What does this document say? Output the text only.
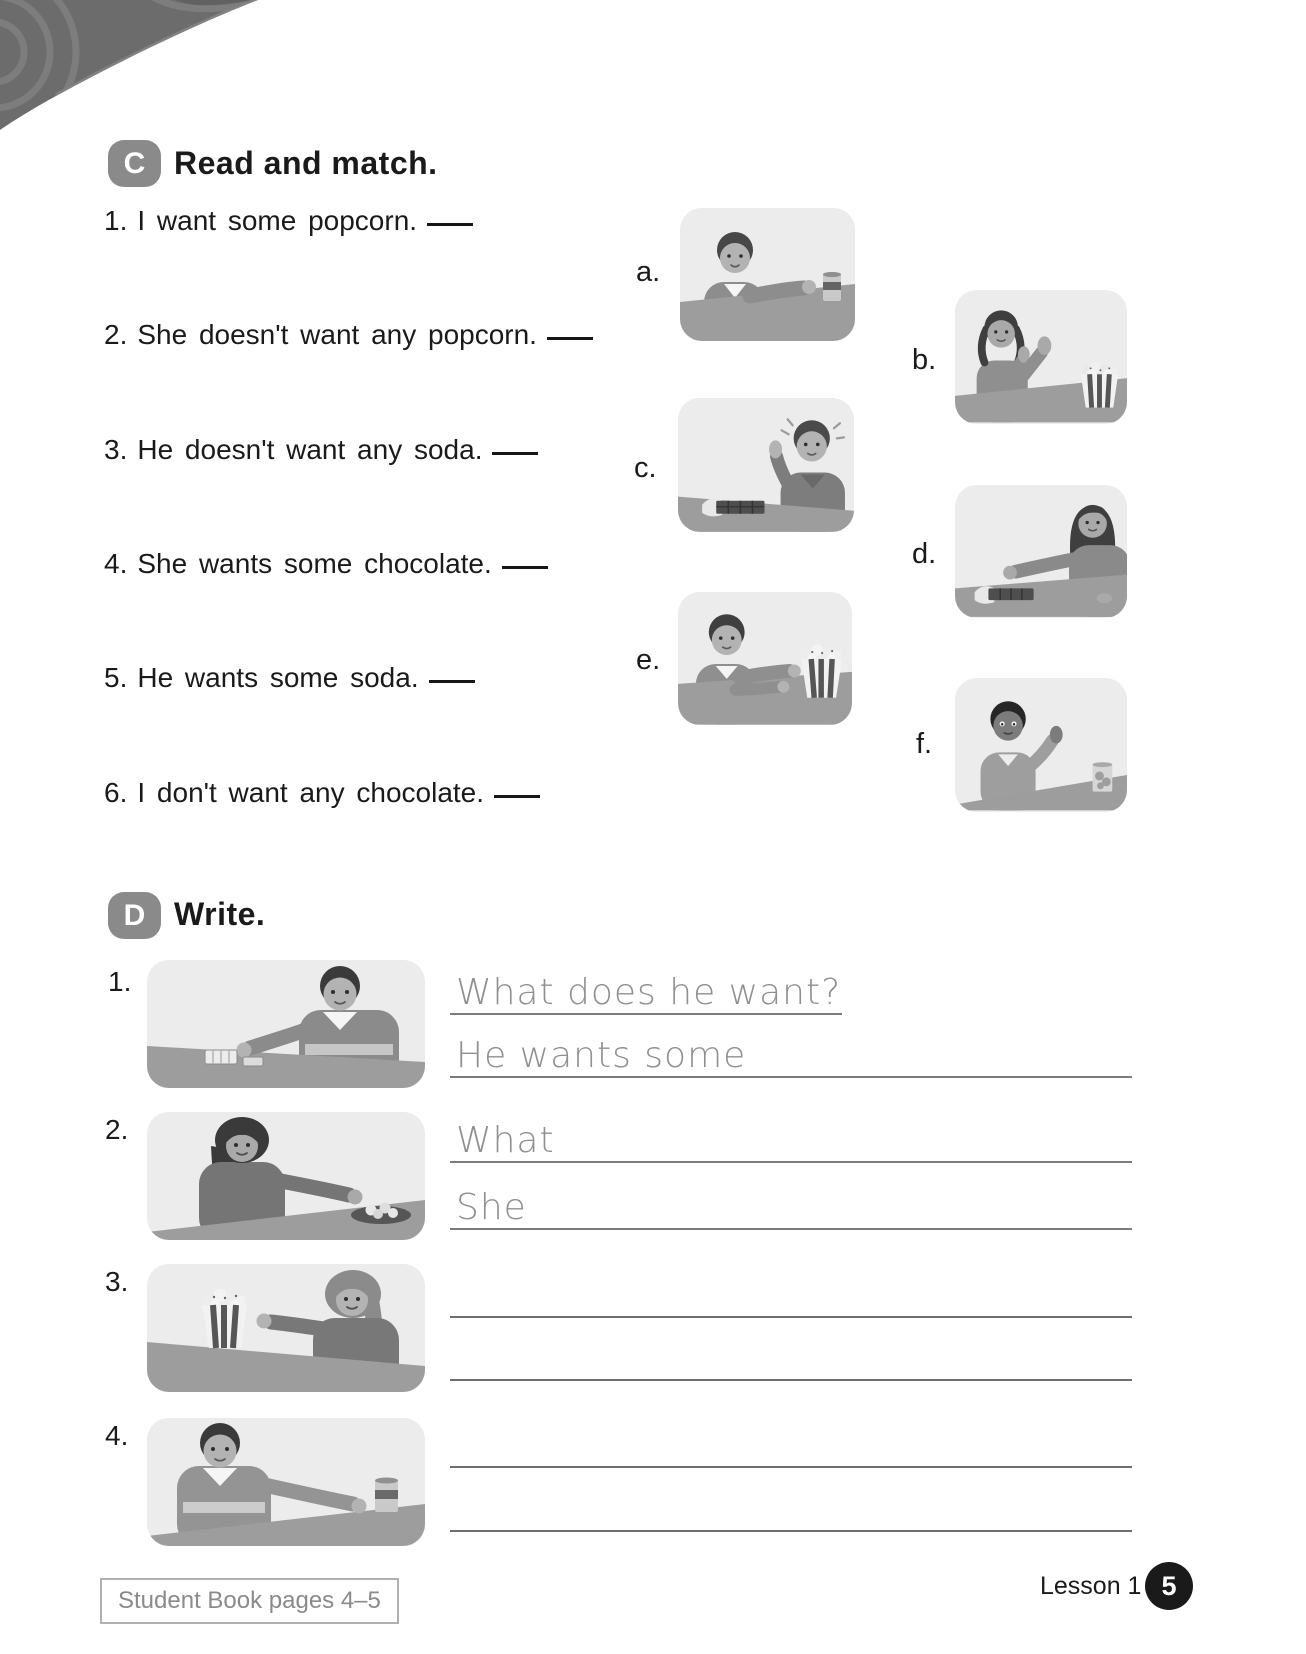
C Read and match.
1. I want some popcorn.
2. She doesn't want any popcorn.
3. He doesn't want any soda.
4. She wants some chocolate.
5. He wants some soda.
6. I don't want any chocolate.
a.
b.
c.
d.
e.
f.
D Write.
1.	What does he want?
He wants some
2.	What
She
3.
4.
Student Book pages 4–5
Lesson 1 5
